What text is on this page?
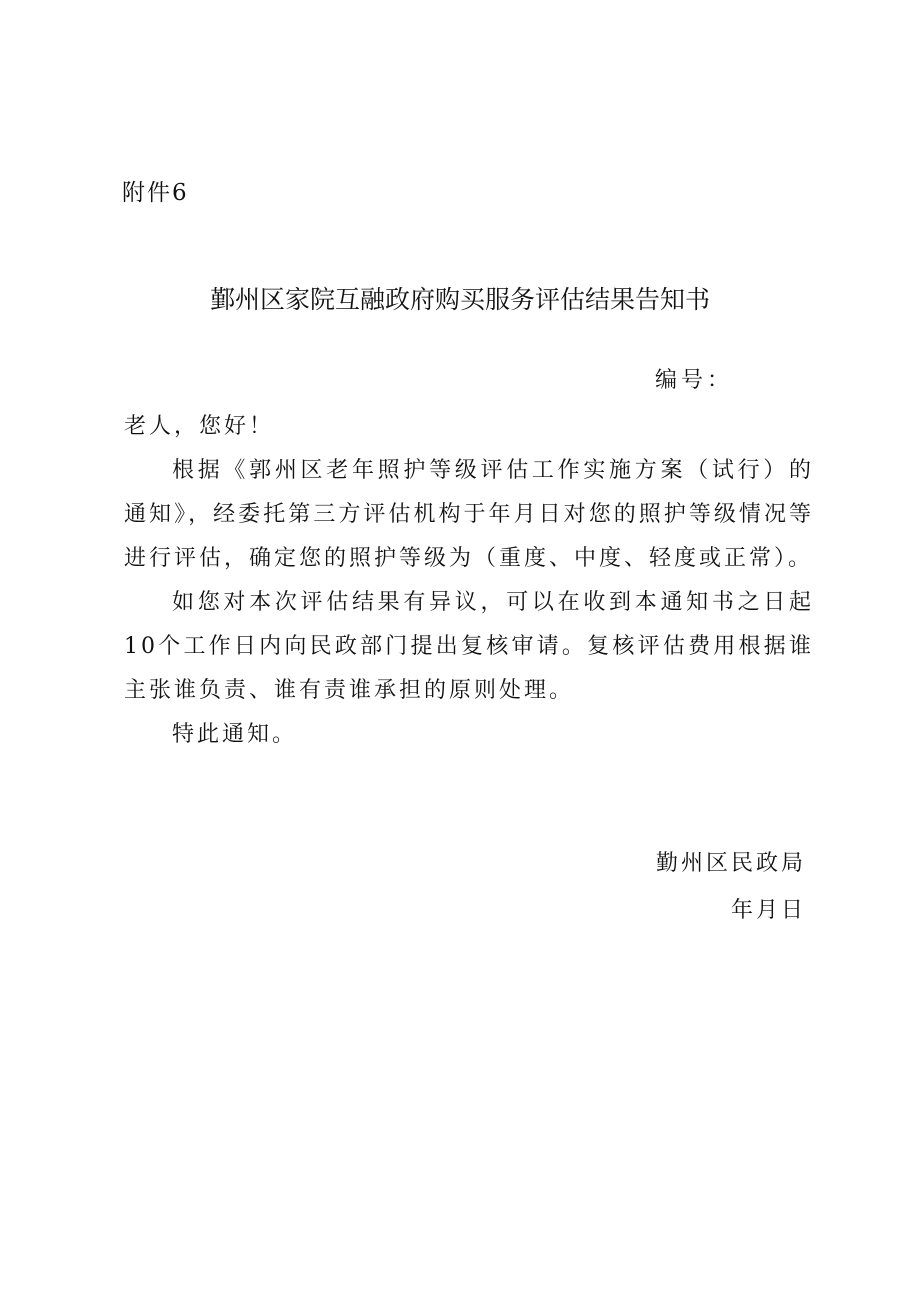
附件6
鄞州区家院互融政府购买服务评估结果告知书
编号：
老人，您好！
根据《郭州区老年照护等级评估工作实施方案（试行）的通知》，经委托第三方评估机构于年月日对您的照护等级情况等进行评估，确定您的照护等级为（重度、中度、轻度或正常）。
如您对本次评估结果有异议，可以在收到本通知书之日起10个工作日内向民政部门提出复核审请。复核评估费用根据谁主张谁负责、谁有责谁承担的原则处理。
特此通知。
勤州区民政局
年月日
